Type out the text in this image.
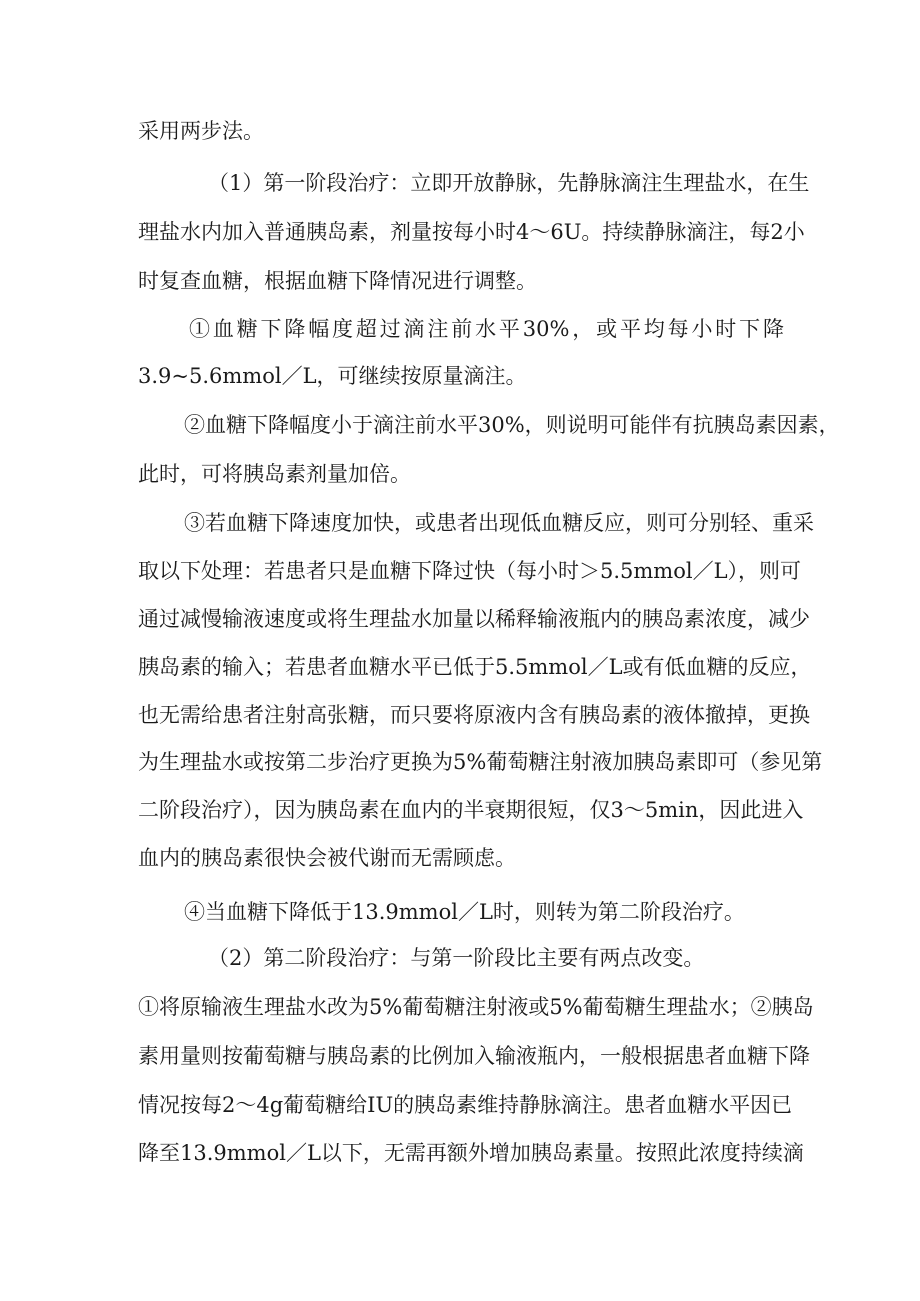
采用两步法。
（1）第一阶段治疗：立即开放静脉，先静脉滴注生理盐水，在生
理盐水内加入普通胰岛素，剂量按每小时4～6U。持续静脉滴注，每2小
时复查血糖，根据血糖下降情况进行调整。
①血糖下降幅度超过滴注前水平30%，或平均每小时下降
3.9~5.6mmol／L，可继续按原量滴注。
②血糖下降幅度小于滴注前水平30%，则说明可能伴有抗胰岛素因素，
此时，可将胰岛素剂量加倍。
③若血糖下降速度加快，或患者出现低血糖反应，则可分别轻、重采
取以下处理：若患者只是血糖下降过快（每小时＞5.5mmol／L），则可
通过减慢输液速度或将生理盐水加量以稀释输液瓶内的胰岛素浓度，减少
胰岛素的输入；若患者血糖水平已低于5.5mmol／L或有低血糖的反应，
也无需给患者注射高张糖，而只要将原液内含有胰岛素的液体撤掉，更换
为生理盐水或按第二步治疗更换为5%葡萄糖注射液加胰岛素即可（参见第
二阶段治疗），因为胰岛素在血内的半衰期很短，仅3～5min，因此进入
血内的胰岛素很快会被代谢而无需顾虑。
④当血糖下降低于13.9mmol／L时，则转为第二阶段治疗。
（2）第二阶段治疗：与第一阶段比主要有两点改变。
①将原输液生理盐水改为5%葡萄糖注射液或5%葡萄糖生理盐水；②胰岛
素用量则按葡萄糖与胰岛素的比例加入输液瓶内，一般根据患者血糖下降
情况按每2～4g葡萄糖给IU的胰岛素维持静脉滴注。患者血糖水平因已
降至13.9mmol／L以下，无需再额外增加胰岛素量。按照此浓度持续滴
